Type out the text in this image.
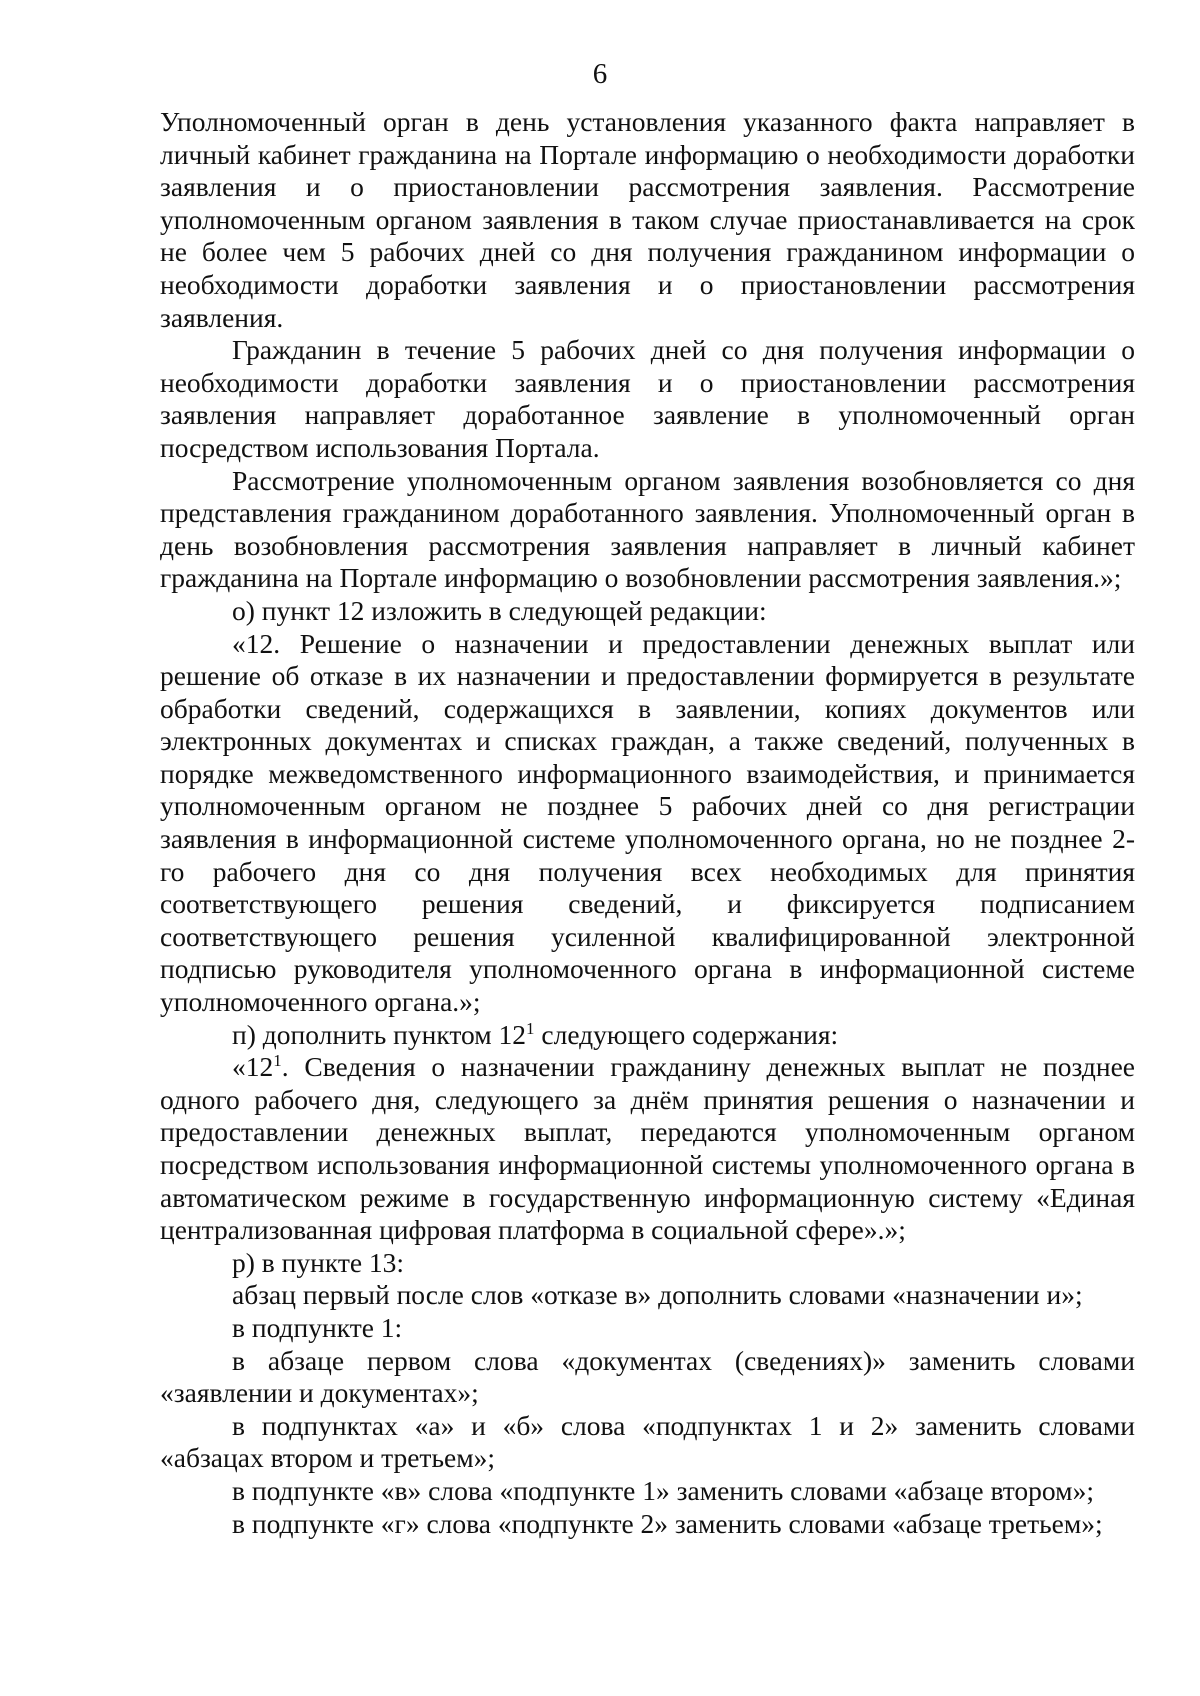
6

Уполномоченный орган в день установления указанного факта направляет в личный кабинет гражданина на Портале информацию о необходимости доработки заявления и о приостановлении рассмотрения заявления. Рассмотрение уполномоченным органом заявления в таком случае приостанавливается на срок не более чем 5 рабочих дней со дня получения гражданином информации о необходимости доработки заявления и о приостановлении рассмотрения заявления.

Гражданин в течение 5 рабочих дней со дня получения информации о необходимости доработки заявления и о приостановлении рассмотрения заявления направляет доработанное заявление в уполномоченный орган посредством использования Портала.

Рассмотрение уполномоченным органом заявления возобновляется со дня представления гражданином доработанного заявления. Уполномоченный орган в день возобновления рассмотрения заявления направляет в личный кабинет гражданина на Портале информацию о возобновлении рассмотрения заявления.»;

о) пункт 12 изложить в следующей редакции:

«12. Решение о назначении и предоставлении денежных выплат или решение об отказе в их назначении и предоставлении формируется в результате обработки сведений, содержащихся в заявлении, копиях документов или электронных документах и списках граждан, а также сведений, полученных в порядке межведомственного информационного взаимодействия, и принимается уполномоченным органом не позднее 5 рабочих дней со дня регистрации заявления в информационной системе уполномоченного органа, но не позднее 2-го рабочего дня со дня получения всех необходимых для принятия соответствующего решения сведений, и фиксируется подписанием соответствующего решения усиленной квалифицированной электронной подписью руководителя уполномоченного органа в информационной системе уполномоченного органа.»;

п) дополнить пунктом $12^1$ следующего содержания:

«$12^1$. Сведения о назначении гражданину денежных выплат не позднее одного рабочего дня, следующего за днём принятия решения о назначении и предоставлении денежных выплат, передаются уполномоченным органом посредством использования информационной системы уполномоченного органа в автоматическом режиме в государственную информационную систему «Единая централизованная цифровая платформа в социальной сфере».»;

р) в пункте 13:

абзац первый после слов «отказе в» дополнить словами «назначении и»;

в подпункте 1:

в абзаце первом слова «документах (сведениях)» заменить словами «заявлении и документах»;

в подпунктах «а» и «б» слова «подпунктах 1 и 2» заменить словами «абзацах втором и третьем»;

в подпункте «в» слова «подпункте 1» заменить словами «абзаце втором»;

в подпункте «г» слова «подпункте 2» заменить словами «абзаце третьем»;
